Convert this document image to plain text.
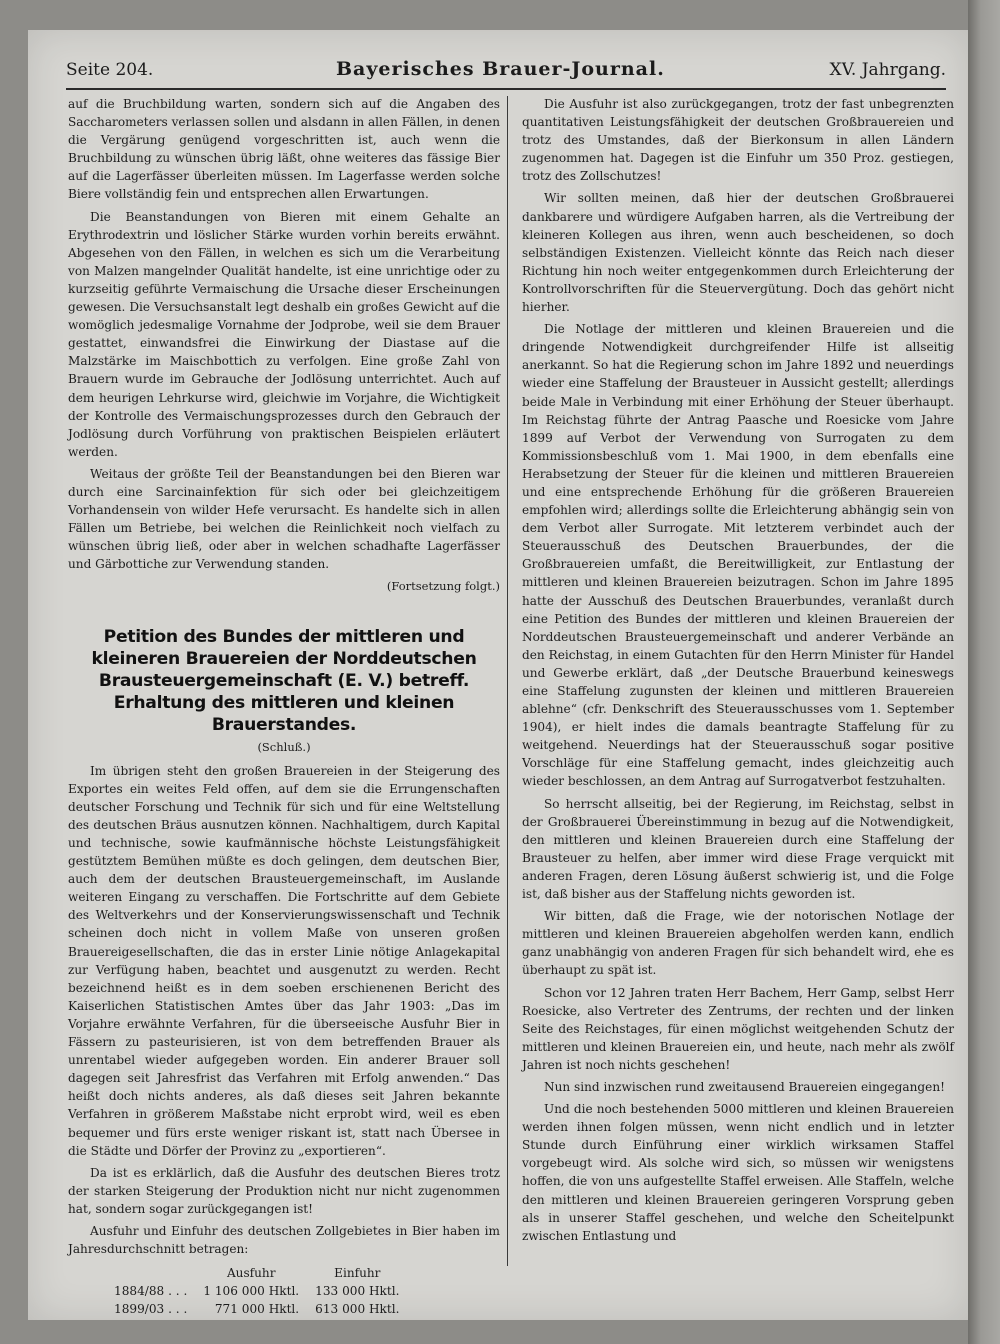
Seite 204.	Bayerisches Brauer-Journal.	XV. Jahrgang.

auf die Bruchbildung warten, sondern sich auf die Angaben des Saccharometers verlassen sollen und alsdann in allen Fällen, in denen die Vergärung genügend vorgeschritten ist, auch wenn die Bruchbildung zu wünschen übrig läßt, ohne weiteres das fässige Bier auf die Lagerfässer überleiten müssen. Im Lagerfasse werden solche Biere vollständig fein und entsprechen allen Erwartungen.

Die Beanstandungen von Bieren mit einem Gehalte an Erythrodextrin und löslicher Stärke wurden vorhin bereits erwähnt. Abgesehen von den Fällen, in welchen es sich um die Verarbeitung von Malzen mangelnder Qualität handelte, ist eine unrichtige oder zu kurzseitig geführte Vermaischung die Ursache dieser Erscheinungen gewesen. Die Versuchsanstalt legt deshalb ein großes Gewicht auf die womöglich jedesmalige Vornahme der Jodprobe, weil sie dem Brauer gestattet, einwandsfrei die Einwirkung der Diastase auf die Malzstärke im Maischbottich zu verfolgen. Eine große Zahl von Brauern wurde im Gebrauche der Jodlösung unterrichtet. Auch auf dem heurigen Lehrkurse wird, gleichwie im Vorjahre, die Wichtigkeit der Kontrolle des Vermaischungsprozesses durch den Gebrauch der Jodlösung durch Vorführung von praktischen Beispielen erläutert werden.

Weitaus der größte Teil der Beanstandungen bei den Bieren war durch eine Sarcinainfektion für sich oder bei gleichzeitigem Vorhandensein von wilder Hefe verursacht. Es handelte sich in allen Fällen um Betriebe, bei welchen die Reinlichkeit noch vielfach zu wünschen übrig ließ, oder aber in welchen schadhafte Lagerfässer und Gärbottiche zur Verwendung standen.

(Fortsetzung folgt.)
Petition des Bundes der mittleren und kleineren Brauereien der Norddeutschen Brausteuergemeinschaft (E. V.) betreff. Erhaltung des mittleren und kleinen Brauerstandes.
(Schluß.)

Im übrigen steht den großen Brauereien in der Steigerung des Exportes ein weites Feld offen, auf dem sie die Errungenschaften deutscher Forschung und Technik für sich und für eine Weltstellung des deutschen Bräus ausnutzen können. Nachhaltigem, durch Kapital und technische, sowie kaufmännische höchste Leistungsfähigkeit gestütztem Bemühen müßte es doch gelingen, dem deutschen Bier, auch dem der deutschen Brausteuergemeinschaft, im Auslande weiteren Eingang zu verschaffen. Die Fortschritte auf dem Gebiete des Weltverkehrs und der Konservierungswissenschaft und Technik scheinen doch nicht in vollem Maße von unseren großen Brauereigesellschaften, die das in erster Linie nötige Anlagekapital zur Verfügung haben, beachtet und ausgenutzt zu werden. Recht bezeichnend heißt es in dem soeben erschienenen Bericht des Kaiserlichen Statistischen Amtes über das Jahr 1903: „Das im Vorjahre erwähnte Verfahren, für die überseeische Ausfuhr Bier in Fässern zu pasteurisieren, ist von dem betreffenden Brauer als unrentabel wieder aufgegeben worden. Ein anderer Brauer soll dagegen seit Jahresfrist das Verfahren mit Erfolg anwenden.“ Das heißt doch nichts anderes, als daß dieses seit Jahren bekannte Verfahren in größerem Maßstabe nicht erprobt wird, weil es eben bequemer und fürs erste weniger riskant ist, statt nach Übersee in die Städte und Dörfer der Provinz zu „exportieren“.

Da ist es erklärlich, daß die Ausfuhr des deutschen Bieres trotz der starken Steigerung der Produktion nicht nur nicht zugenommen hat, sondern sogar zurückgegangen ist!

Ausfuhr und Einfuhr des deutschen Zollgebietes in Bier haben im Jahresdurchschnitt betragen:

	Ausfuhr	Einfuhr
1884/88 . . .	1 106 000 Hktl.	133 000 Hktl.
1899/03 . . .	771 000 Hktl.	613 000 Hktl.

Die Ausfuhr ist also zurückgegangen, trotz der fast unbegrenzten quantitativen Leistungsfähigkeit der deutschen Großbrauereien und trotz des Umstandes, daß der Bierkonsum in allen Ländern zugenommen hat. Dagegen ist die Einfuhr um 350 Proz. gestiegen, trotz des Zollschutzes!

Wir sollten meinen, daß hier der deutschen Großbrauerei dankbarere und würdigere Aufgaben harren, als die Vertreibung der kleineren Kollegen aus ihren, wenn auch bescheidenen, so doch selbständigen Existenzen. Vielleicht könnte das Reich nach dieser Richtung hin noch weiter entgegenkommen durch Erleichterung der Kontrollvorschriften für die Steuervergütung. Doch das gehört nicht hierher.

Die Notlage der mittleren und kleinen Brauereien und die dringende Notwendigkeit durchgreifender Hilfe ist allseitig anerkannt. So hat die Regierung schon im Jahre 1892 und neuerdings wieder eine Staffelung der Brausteuer in Aussicht gestellt; allerdings beide Male in Verbindung mit einer Erhöhung der Steuer überhaupt. Im Reichstag führte der Antrag Paasche und Roesicke vom Jahre 1899 auf Verbot der Verwendung von Surrogaten zu dem Kommissionsbeschluß vom 1. Mai 1900, in dem ebenfalls eine Herabsetzung der Steuer für die kleinen und mittleren Brauereien und eine entsprechende Erhöhung für die größeren Brauereien empfohlen wird; allerdings sollte die Erleichterung abhängig sein von dem Verbot aller Surrogate. Mit letzterem verbindet auch der Steuerausschuß des Deutschen Brauerbundes, der die Großbrauereien umfaßt, die Bereitwilligkeit, zur Entlastung der mittleren und kleinen Brauereien beizutragen. Schon im Jahre 1895 hatte der Ausschuß des Deutschen Brauerbundes, veranlaßt durch eine Petition des Bundes der mittleren und kleinen Brauereien der Norddeutschen Brausteuergemeinschaft und anderer Verbände an den Reichstag, in einem Gutachten für den Herrn Minister für Handel und Gewerbe erklärt, daß „der Deutsche Brauerbund keineswegs eine Staffelung zugunsten der kleinen und mittleren Brauereien ablehne“ (cfr. Denkschrift des Steuerausschusses vom 1. September 1904), er hielt indes die damals beantragte Staffelung für zu weitgehend. Neuerdings hat der Steuerausschuß sogar positive Vorschläge für eine Staffelung gemacht, indes gleichzeitig auch wieder beschlossen, an dem Antrag auf Surrogatverbot festzuhalten.

So herrscht allseitig, bei der Regierung, im Reichstag, selbst in der Großbrauerei Übereinstimmung in bezug auf die Notwendigkeit, den mittleren und kleinen Brauereien durch eine Staffelung der Brausteuer zu helfen, aber immer wird diese Frage verquickt mit anderen Fragen, deren Lösung äußerst schwierig ist, und die Folge ist, daß bisher aus der Staffelung nichts geworden ist.

Wir bitten, daß die Frage, wie der notorischen Notlage der mittleren und kleinen Brauereien abgeholfen werden kann, endlich ganz unabhängig von anderen Fragen für sich behandelt wird, ehe es überhaupt zu spät ist.

Schon vor 12 Jahren traten Herr Bachem, Herr Gamp, selbst Herr Roesicke, also Vertreter des Zentrums, der rechten und der linken Seite des Reichstages, für einen möglichst weitgehenden Schutz der mittleren und kleinen Brauereien ein, und heute, nach mehr als zwölf Jahren ist noch nichts geschehen!

Nun sind inzwischen rund zweitausend Brauereien eingegangen!

Und die noch bestehenden 5000 mittleren und kleinen Brauereien werden ihnen folgen müssen, wenn nicht endlich und in letzter Stunde durch Einführung einer wirklich wirksamen Staffel vorgebeugt wird. Als solche wird sich, so müssen wir wenigstens hoffen, die von uns aufgestellte Staffel erweisen. Alle Staffeln, welche den mittleren und kleinen Brauereien geringeren Vorsprung geben als in unserer Staffel geschehen, und welche den Scheitelpunkt zwischen Entlastung und
